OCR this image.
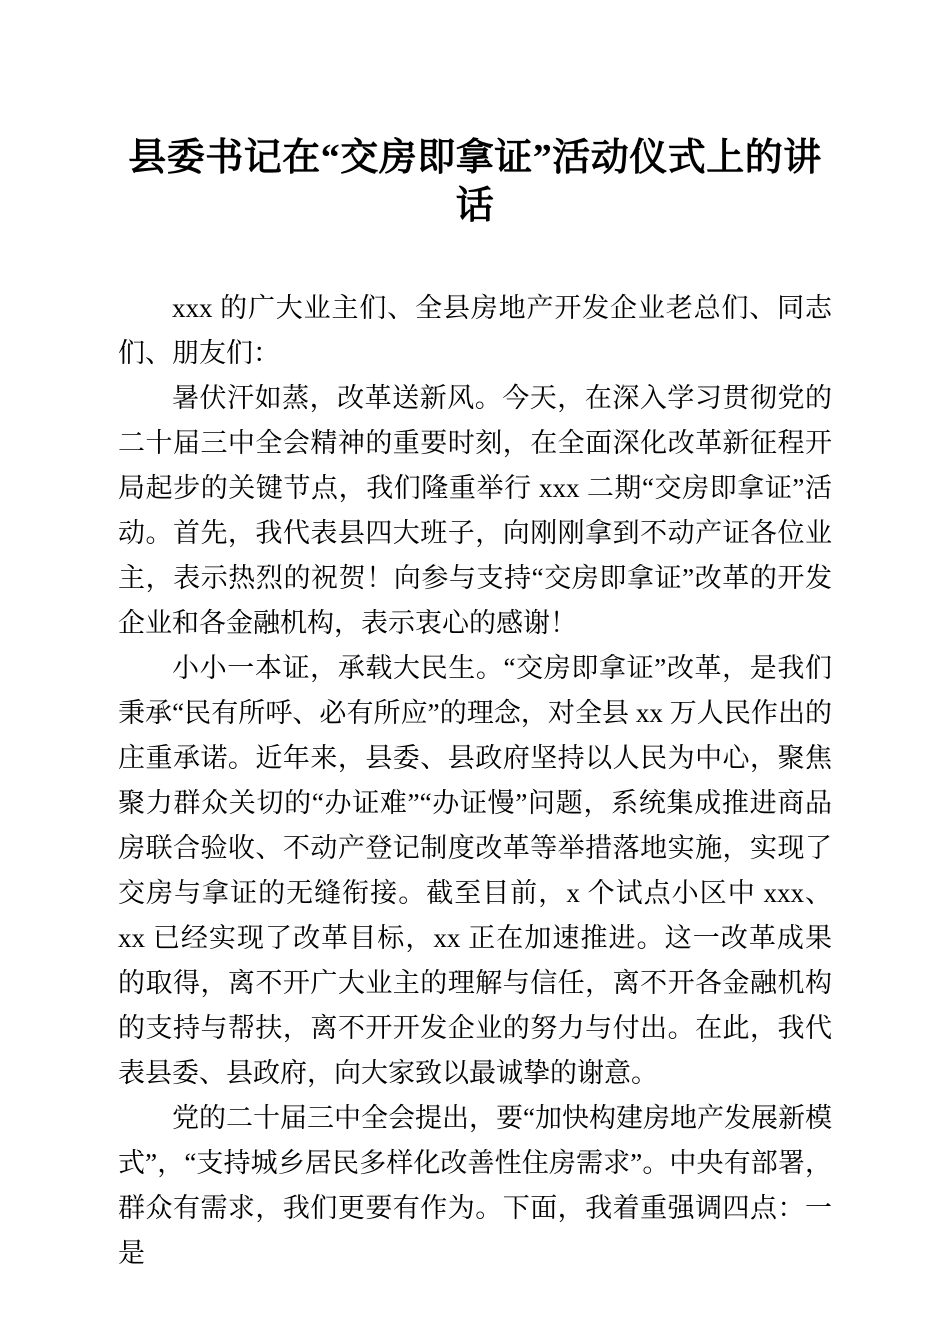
县委书记在“交房即拿证”活动仪式上的讲话

xxx 的广大业主们、全县房地产开发企业老总们、同志们、朋友们：

暑伏汗如蒸，改革送新风。今天，在深入学习贯彻党的二十届三中全会精神的重要时刻，在全面深化改革新征程开局起步的关键节点，我们隆重举行 xxx 二期“交房即拿证”活动。首先，我代表县四大班子，向刚刚拿到不动产证各位业主，表示热烈的祝贺！向参与支持“交房即拿证”改革的开发企业和各金融机构，表示衷心的感谢！

小小一本证，承载大民生。“交房即拿证”改革，是我们秉承“民有所呼、必有所应”的理念，对全县 xx 万人民作出的庄重承诺。近年来，县委、县政府坚持以人民为中心，聚焦聚力群众关切的“办证难”“办证慢”问题，系统集成推进商品房联合验收、不动产登记制度改革等举措落地实施，实现了交房与拿证的无缝衔接。截至目前，x 个试点小区中 xxx、xx 已经实现了改革目标，xx 正在加速推进。这一改革成果的取得，离不开广大业主的理解与信任，离不开各金融机构的支持与帮扶，离不开开发企业的努力与付出。在此，我代表县委、县政府，向大家致以最诚挚的谢意。

党的二十届三中全会提出，要“加快构建房地产发展新模式”，“支持城乡居民多样化改善性住房需求”。中央有部署，群众有需求，我们更要有作为。下面，我着重强调四点：一是
